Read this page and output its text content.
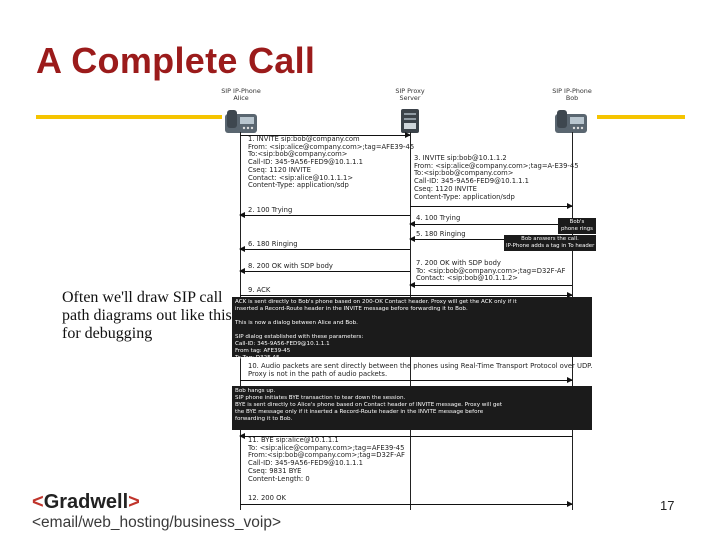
A Complete Call
Often we'll draw SIP call path diagrams out like this for debugging
SIP IP-Phone
Alice
SIP Proxy
Server
SIP IP-Phone
Bob
1. INVITE sip:bob@company.com
From: <sip:alice@company.com>;tag=AFE39-45
To:<sip:bob@company.com>
Call-ID: 345-9A56-FED9@10.1.1.1
Cseq: 1120 INVITE
Contact: <sip:alice@10.1.1.1>
Content-Type: application/sdp
2. 100 Trying
3. INVITE sip:bob@10.1.1.2
From: <sip:alice@company.com>;tag=A-E39-45
To:<sip:bob@company.com>
Call-ID: 345-9A56-FED9@10.1.1.1
Cseq: 1120 INVITE
Content-Type: application/sdp
4. 100 Trying	Bob's
phone rings
5. 180 Ringing
Bob answers the call.
IP-Phone adds a tag in To header
6. 180 Ringing
8. 200 OK with SDP body	7. 200 OK with SDP body
To: <sip:bob@company.com>;tag=D32F-AF
Contact: <sip:bob@10.1.1.2>
9. ACK
ACK is sent directly to Bob's phone based on 200-OK Contact header. Proxy will get the ACK only if it
inserted a Record-Route header in the INVITE message before forwarding it to Bob.

This is now a dialog between Alice and Bob.

SIP dialog established with these parameters:
Call-ID: 345-9A56-FED9@10.1.1.1
From tag: AFE39-45
To Tag: D32F-AF
10. Audio packets are sent directly between the phones using Real-Time Transport Protocol over UDP.
Proxy is not in the path of audio packets.
Bob hangs up.
SIP phone initiates BYE transaction to tear down the session.
BYE is sent directly to Alice's phone based on Contact header of INVITE message. Proxy will get
the BYE message only if it inserted a Record-Route header in the INVITE message before
forwarding it to Bob.
11. BYE sip:alice@10.1.1.1
To: <sip:alice@company.com>;tag=AFE39-45
From:<sip:bob@company.com>;tag=D32F-AF
Call-ID: 345-9A56-FED9@10.1.1.1
Cseq: 9831 BYE
Content-Length: 0
12. 200 OK
<Gradwell>
<email/web_hosting/business_voip>
17
